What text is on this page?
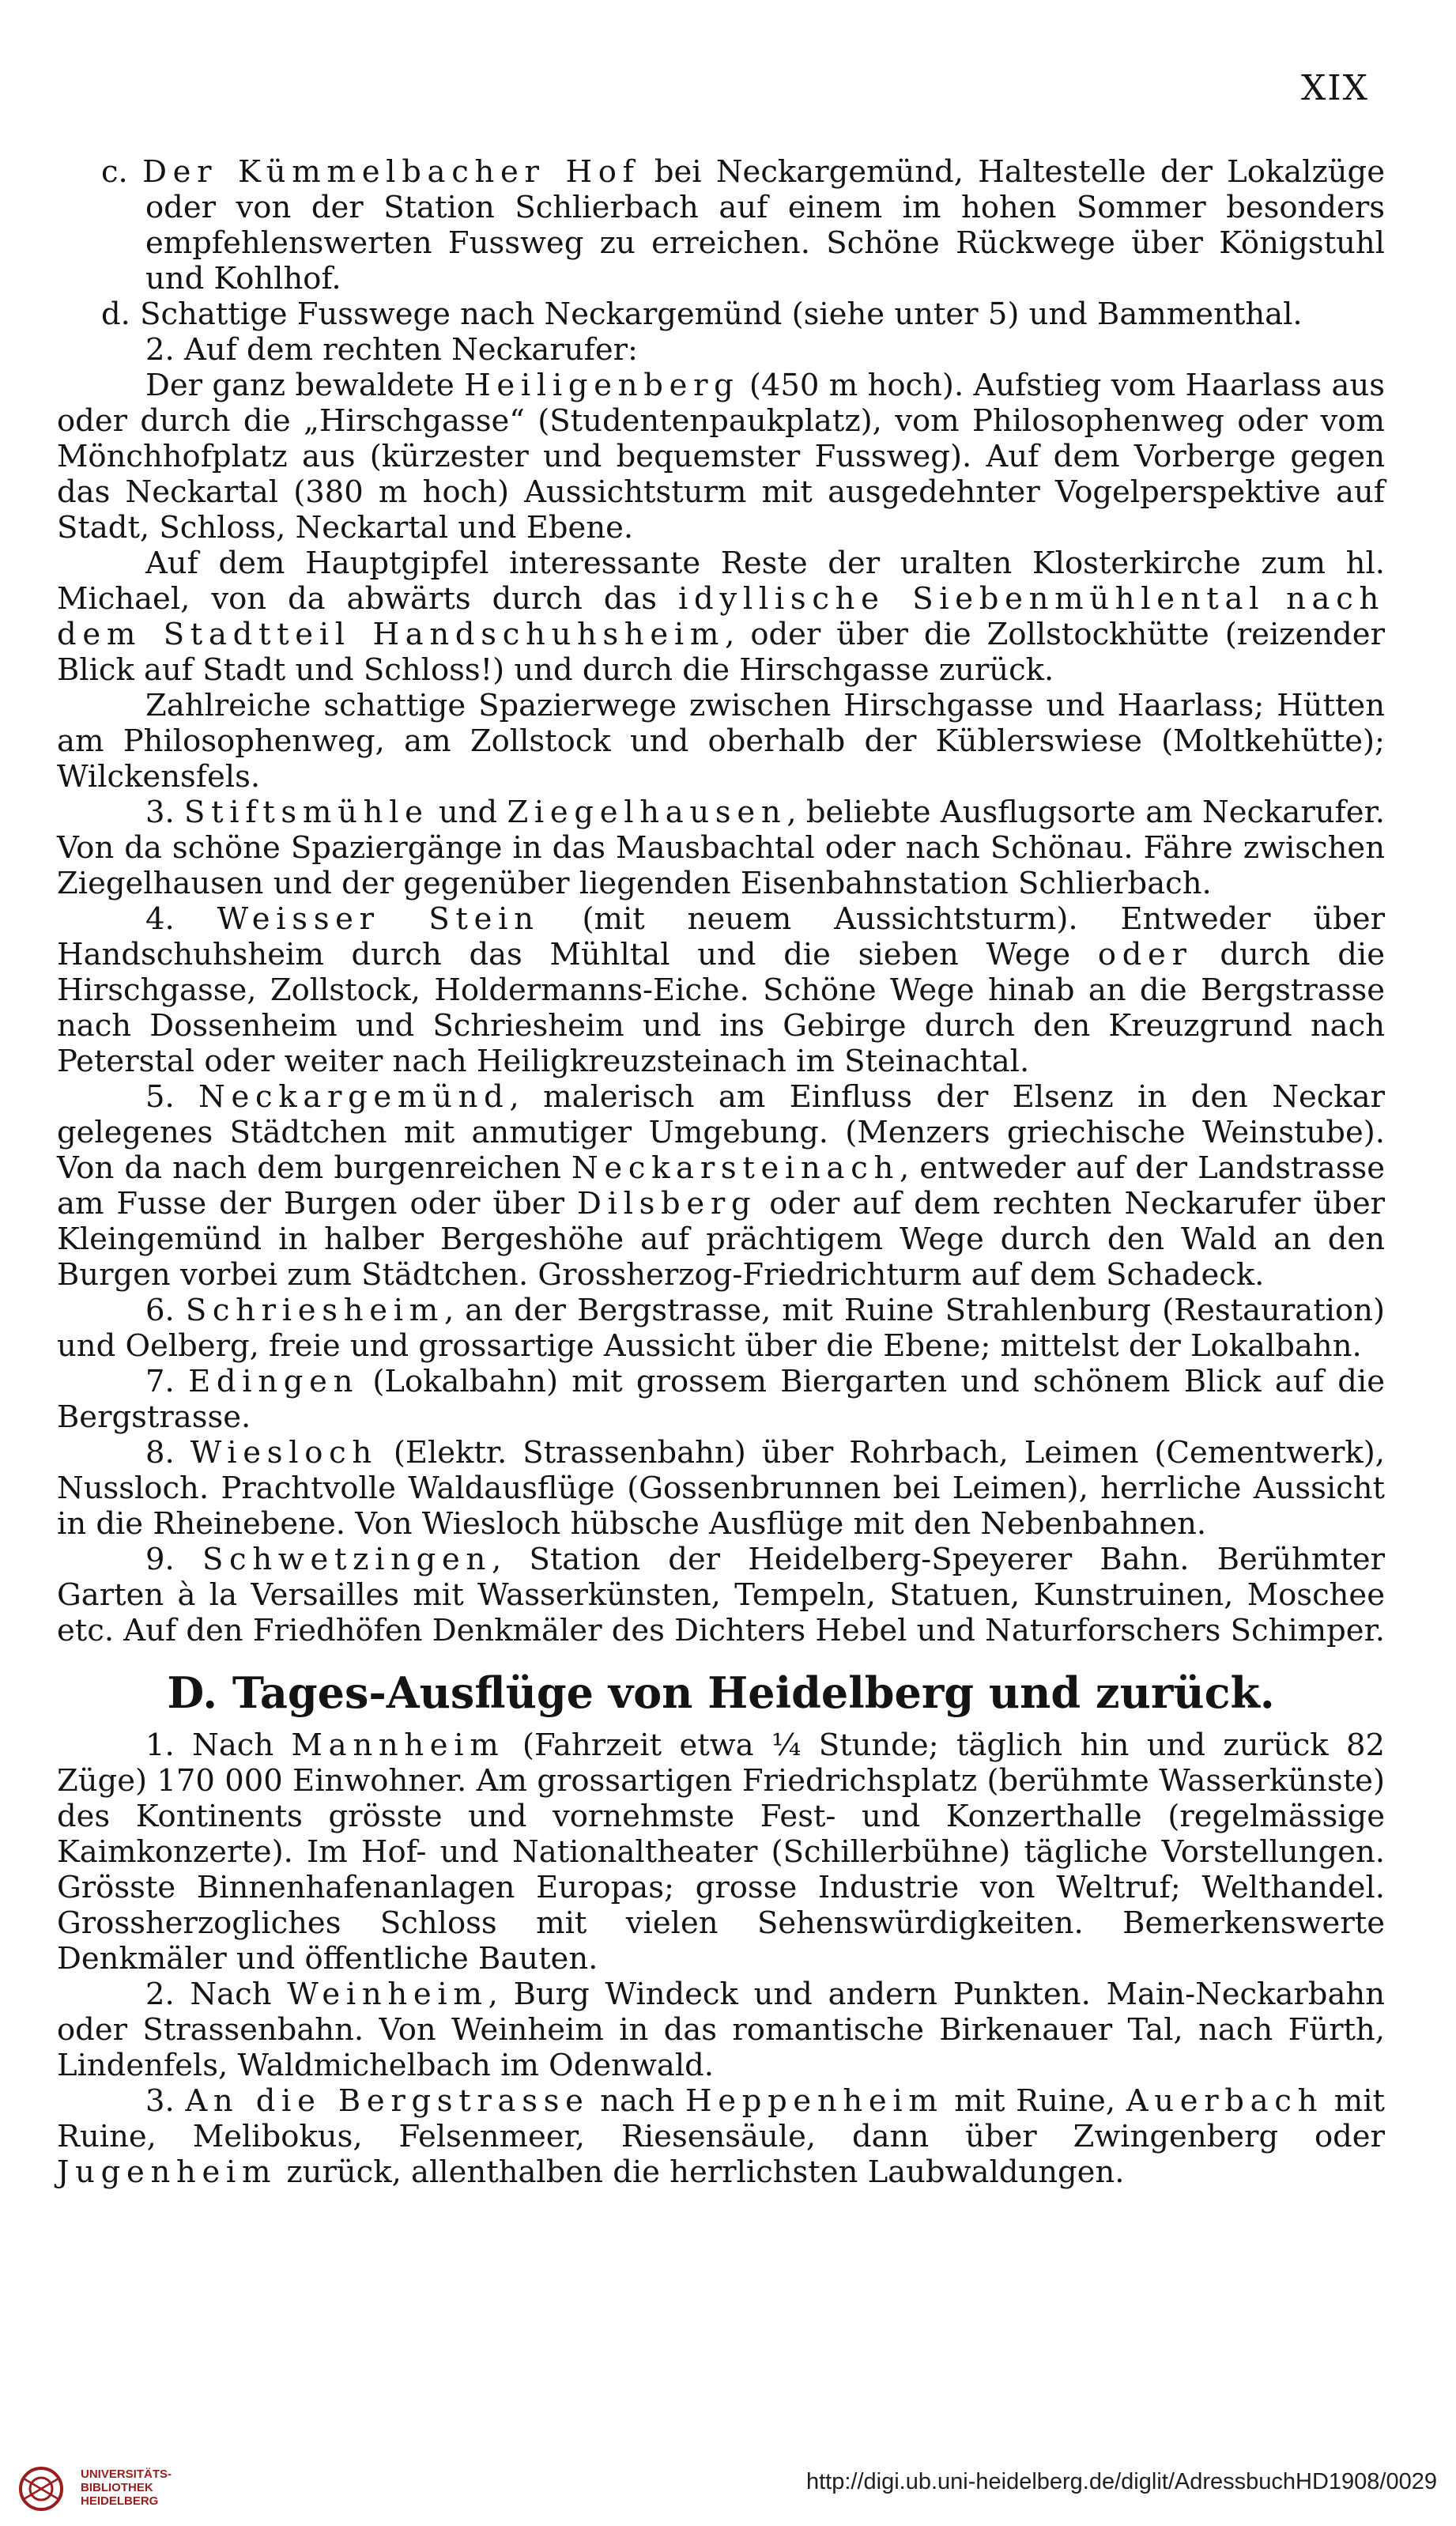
XIX

c. Der Kümmelbacher Hof bei Neckargemünd, Haltestelle der Lokalzüge oder von der Station Schlierbach auf einem im hohen Sommer besonders empfehlenswerten Fussweg zu erreichen. Schöne Rückwege über Königstuhl und Kohlhof.

d. Schattige Fusswege nach Neckargemünd (siehe unter 5) und Bammenthal.

2. Auf dem rechten Neckarufer:

Der ganz bewaldete Heiligenberg (450 m hoch). Aufstieg vom Haarlass aus oder durch die „Hirschgasse“ (Studentenpaukplatz), vom Philosophenweg oder vom Mönchhofplatz aus (kürzester und bequemster Fussweg). Auf dem Vorberge gegen das Neckartal (380 m hoch) Aussichtsturm mit ausgedehnter Vogelperspektive auf Stadt, Schloss, Neckartal und Ebene.

Auf dem Hauptgipfel interessante Reste der uralten Klosterkirche zum hl. Michael, von da abwärts durch das idyllische Siebenmühlental nach dem Stadtteil Handschuhsheim, oder über die Zollstockhütte (reizender Blick auf Stadt und Schloss!) und durch die Hirschgasse zurück.

Zahlreiche schattige Spazierwege zwischen Hirschgasse und Haarlass; Hütten am Philosophenweg, am Zollstock und oberhalb der Küblerswiese (Moltkehütte); Wilckensfels.

3. Stiftsmühle und Ziegelhausen, beliebte Ausflugsorte am Neckarufer. Von da schöne Spaziergänge in das Mausbachtal oder nach Schönau. Fähre zwischen Ziegelhausen und der gegenüber liegenden Eisenbahnstation Schlierbach.

4. Weisser Stein (mit neuem Aussichtsturm). Entweder über Handschuhsheim durch das Mühltal und die sieben Wege oder durch die Hirschgasse, Zollstock, Holdermanns-Eiche. Schöne Wege hinab an die Bergstrasse nach Dossenheim und Schriesheim und ins Gebirge durch den Kreuzgrund nach Peterstal oder weiter nach Heiligkreuzsteinach im Steinachtal.

5. Neckargemünd, malerisch am Einfluss der Elsenz in den Neckar gelegenes Städtchen mit anmutiger Umgebung. (Menzers griechische Weinstube). Von da nach dem burgenreichen Neckarsteinach, entweder auf der Landstrasse am Fusse der Burgen oder über Dilsberg oder auf dem rechten Neckarufer über Kleingemünd in halber Bergeshöhe auf prächtigem Wege durch den Wald an den Burgen vorbei zum Städtchen. Grossherzog-Friedrichturm auf dem Schadeck.

6. Schriesheim, an der Bergstrasse, mit Ruine Strahlenburg (Restauration) und Oelberg, freie und grossartige Aussicht über die Ebene; mittelst der Lokalbahn.

7. Edingen (Lokalbahn) mit grossem Biergarten und schönem Blick auf die Bergstrasse.

8. Wiesloch (Elektr. Strassenbahn) über Rohrbach, Leimen (Cementwerk), Nussloch. Prachtvolle Waldausflüge (Gossenbrunnen bei Leimen), herrliche Aussicht in die Rheinebene. Von Wiesloch hübsche Ausflüge mit den Nebenbahnen.

9. Schwetzingen, Station der Heidelberg-Speyerer Bahn. Berühmter Garten à la Versailles mit Wasserkünsten, Tempeln, Statuen, Kunstruinen, Moschee etc. Auf den Friedhöfen Denkmäler des Dichters Hebel und Naturforschers Schimper.

D. Tages-Ausflüge von Heidelberg und zurück.

1. Nach Mannheim (Fahrzeit etwa ¼ Stunde; täglich hin und zurück 82 Züge) 170 000 Einwohner. Am grossartigen Friedrichsplatz (berühmte Wasserkünste) des Kontinents grösste und vornehmste Fest- und Konzerthalle (regelmässige Kaimkonzerte). Im Hof- und Nationaltheater (Schillerbühne) tägliche Vorstellungen. Grösste Binnenhafenanlagen Europas; grosse Industrie von Weltruf; Welthandel. Grossherzogliches Schloss mit vielen Sehenswürdigkeiten. Bemerkenswerte Denkmäler und öffentliche Bauten.

2. Nach Weinheim, Burg Windeck und andern Punkten. Main-Neckarbahn oder Strassenbahn. Von Weinheim in das romantische Birkenauer Tal, nach Fürth, Lindenfels, Waldmichelbach im Odenwald.

3. An die Bergstrasse nach Heppenheim mit Ruine, Auerbach mit Ruine, Melibokus, Felsenmeer, Riesensäule, dann über Zwingenberg oder Jugenheim zurück, allenthalben die herrlichsten Laubwaldungen.

UNIVERSITÄTS-
BIBLIOTHEK
HEIDELBERG
http://digi.ub.uni-heidelberg.de/diglit/AdressbuchHD1908/0029
